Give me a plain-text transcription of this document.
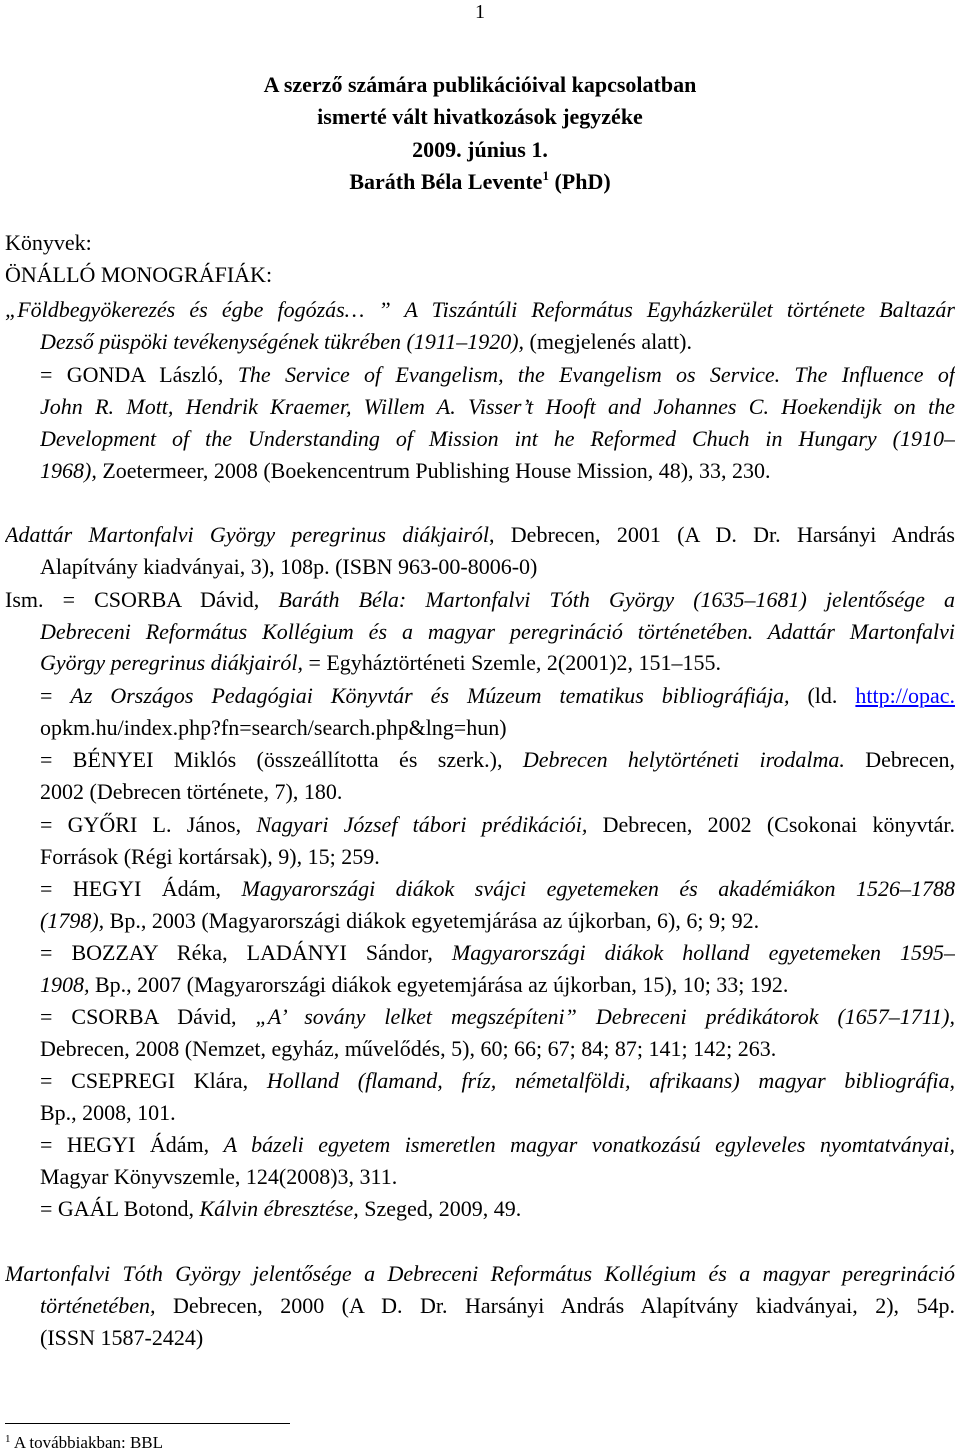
1
A szerző számára publikációival kapcsolatban
ismerté vált hivatkozások jegyzéke
2009. június 1.
Baráth Béla Levente$^1$ (PhD)
Könyvek:
ÖNÁLLÓ MONOGRÁFIÁK:
„Földbegyökerezés és égbe fogózás… ” A Tiszántúli Református Egyházkerület története Baltazár
Dezső püspöki tevékenységének tükrében (1911–1920), (megjelenés alatt).
= GONDA László, The Service of Evangelism, the Evangelism os Service. The Influence of
John R. Mott, Hendrik Kraemer, Willem A. Visser’t Hooft and Johannes C. Hoekendijk on the
Development of the Understanding of Mission int he Reformed Chuch in Hungary (1910–
1968), Zoetermeer, 2008 (Boekencentrum Publishing House Mission, 48), 33, 230.
Adattár Martonfalvi György peregrinus diákjairól, Debrecen, 2001 (A D. Dr. Harsányi András
Alapítvány kiadványai, 3), 108p. (ISBN 963-00-8006-0)
Ism. = CSORBA Dávid, Baráth Béla: Martonfalvi Tóth György (1635–1681) jelentősége a
Debreceni Református Kollégium és a magyar peregrináció történetében. Adattár Martonfalvi
György peregrinus diákjairól, = Egyháztörténeti Szemle, 2(2001)2, 151–155.
= Az Országos Pedagógiai Könyvtár és Múzeum tematikus bibliográfiája, (ld. http://opac.
opkm.hu/index.php?fn=search/search.php&lng=hun)
= BÉNYEI Miklós (összeállította és szerk.), Debrecen helytörténeti irodalma. Debrecen,
2002 (Debrecen története, 7), 180.
= GYŐRI L. János, Nagyari József tábori prédikációi, Debrecen, 2002 (Csokonai könyvtár.
Források (Régi kortársak), 9), 15; 259.
= HEGYI Ádám, Magyarországi diákok svájci egyetemeken és akadémiákon 1526–1788
(1798), Bp., 2003 (Magyarországi diákok egyetemjárása az újkorban, 6), 6; 9; 92.
= BOZZAY Réka, LADÁNYI Sándor, Magyarországi diákok holland egyetemeken 1595–
1908, Bp., 2007 (Magyarországi diákok egyetemjárása az újkorban, 15), 10; 33; 192.
= CSORBA Dávid, „A’ sovány lelket megszépíteni” Debreceni prédikátorok (1657–1711),
Debrecen, 2008 (Nemzet, egyház, művelődés, 5), 60; 66; 67; 84; 87; 141; 142; 263.
= CSEPREGI Klára, Holland (flamand, fríz, németalföldi, afrikaans) magyar bibliográfia,
Bp., 2008, 101.
= HEGYI Ádám, A bázeli egyetem ismeretlen magyar vonatkozású egyleveles nyomtatványai,
Magyar Könyvszemle, 124(2008)3, 311.
= GAÁL Botond, Kálvin ébresztése, Szeged, 2009, 49.
Martonfalvi Tóth György jelentősége a Debreceni Református Kollégium és a magyar peregrináció
történetében, Debrecen, 2000 (A D. Dr. Harsányi András Alapítvány kiadványai, 2), 54p.
(ISSN 1587-2424)
$^1$ A továbbiakban: BBL
